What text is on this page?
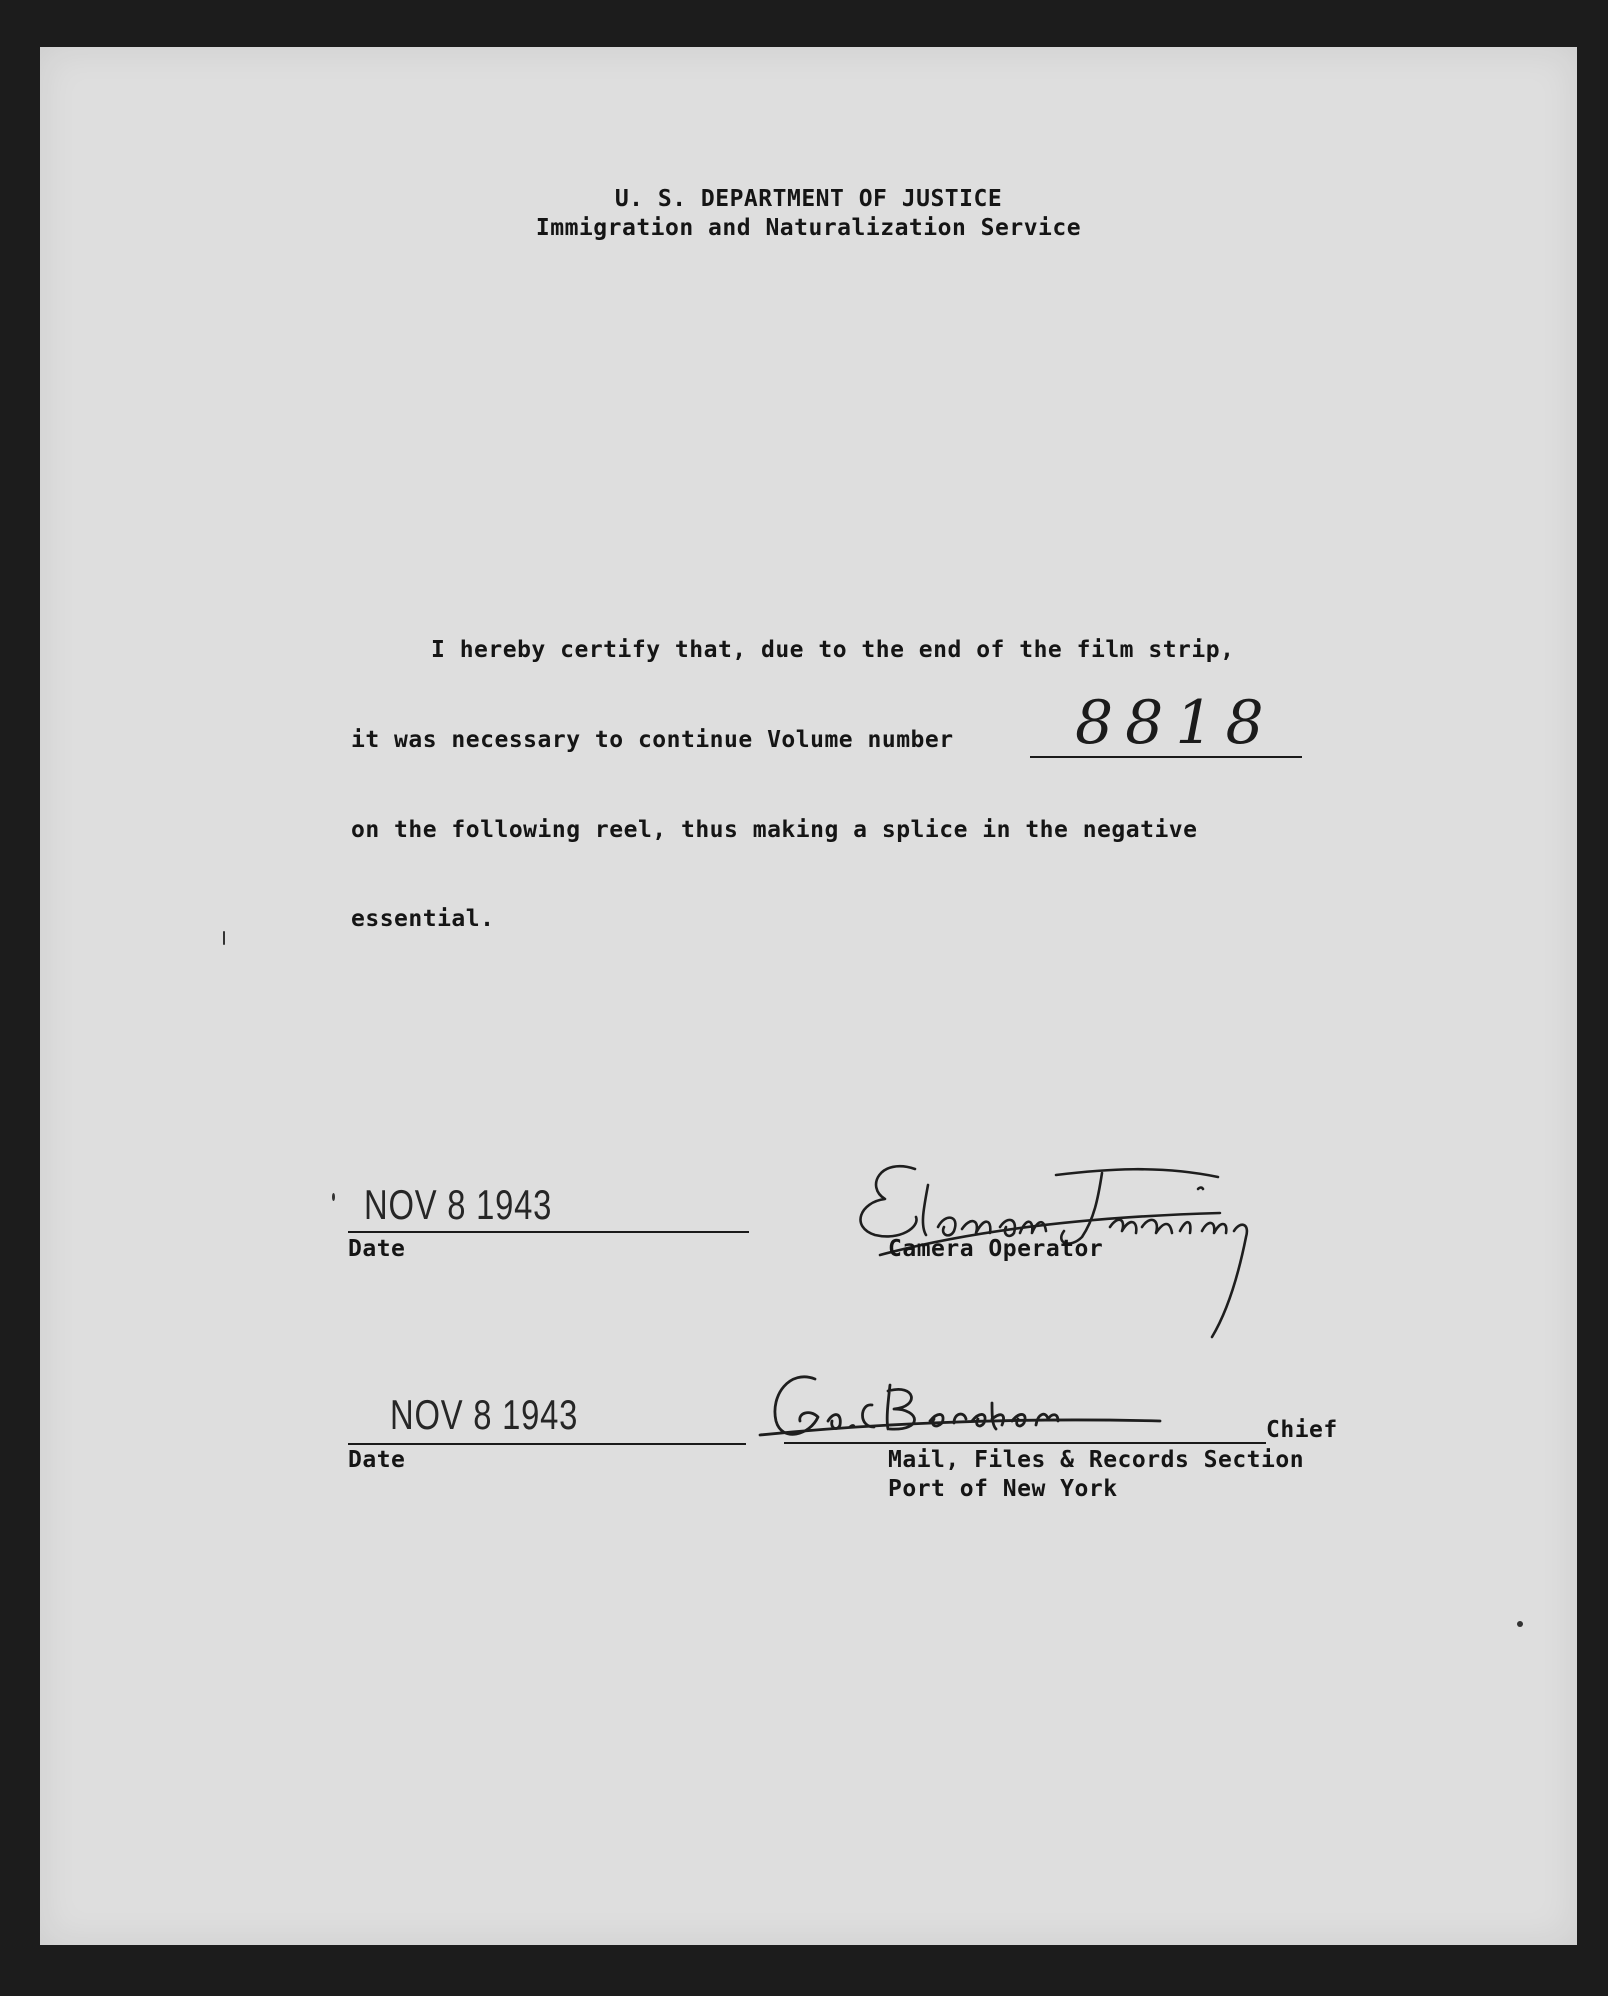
U. S. DEPARTMENT OF JUSTICE
Immigration and Naturalization Service
I hereby certify that, due to the end of the film strip,
it was necessary to continue Volume number 8818
on the following reel, thus making a splice in the negative
essential.
NOV 8 1943
Date	Camera Operator
NOV 8 1943
Date
Chief
Mail, Files & Records Section
Port of New York
